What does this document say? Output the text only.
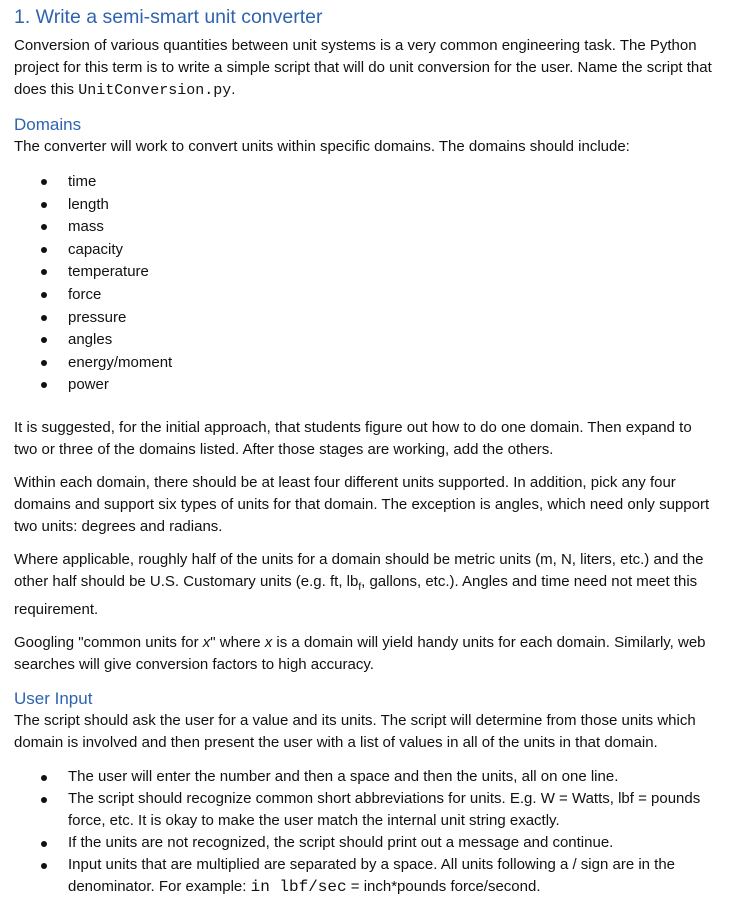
1. Write a semi-smart unit converter

Conversion of various quantities between unit systems is a very common engineering task. The Python project for this term is to write a simple script that will do unit conversion for the user. Name the script that does this UnitConversion.py.

Domains

The converter will work to convert units within specific domains. The domains should include:

time
length
mass
capacity
temperature
force
pressure
angles
energy/moment
power

It is suggested, for the initial approach, that students figure out how to do one domain. Then expand to two or three of the domains listed. After those stages are working, add the others.

Within each domain, there should be at least four different units supported. In addition, pick any four domains and support six types of units for that domain. The exception is angles, which need only support two units: degrees and radians.

Where applicable, roughly half of the units for a domain should be metric units (m, N, liters, etc.) and the other half should be U.S. Customary units (e.g. ft, $lb_f$, gallons, etc.). Angles and time need not meet this requirement.

Googling "common units for x" where x is a domain will yield handy units for each domain. Similarly, web searches will give conversion factors to high accuracy.

User Input

The script should ask the user for a value and its units. The script will determine from those units which domain is involved and then present the user with a list of values in all of the units in that domain.

The user will enter the number and then a space and then the units, all on one line.
The script should recognize common short abbreviations for units. E.g. W = Watts, lbf = pounds force, etc. It is okay to make the user match the internal unit string exactly.
If the units are not recognized, the script should print out a message and continue.
Input units that are multiplied are separated by a space. All units following a / sign are in the denominator. For example: in lbf/sec = inch*pounds force/second.
